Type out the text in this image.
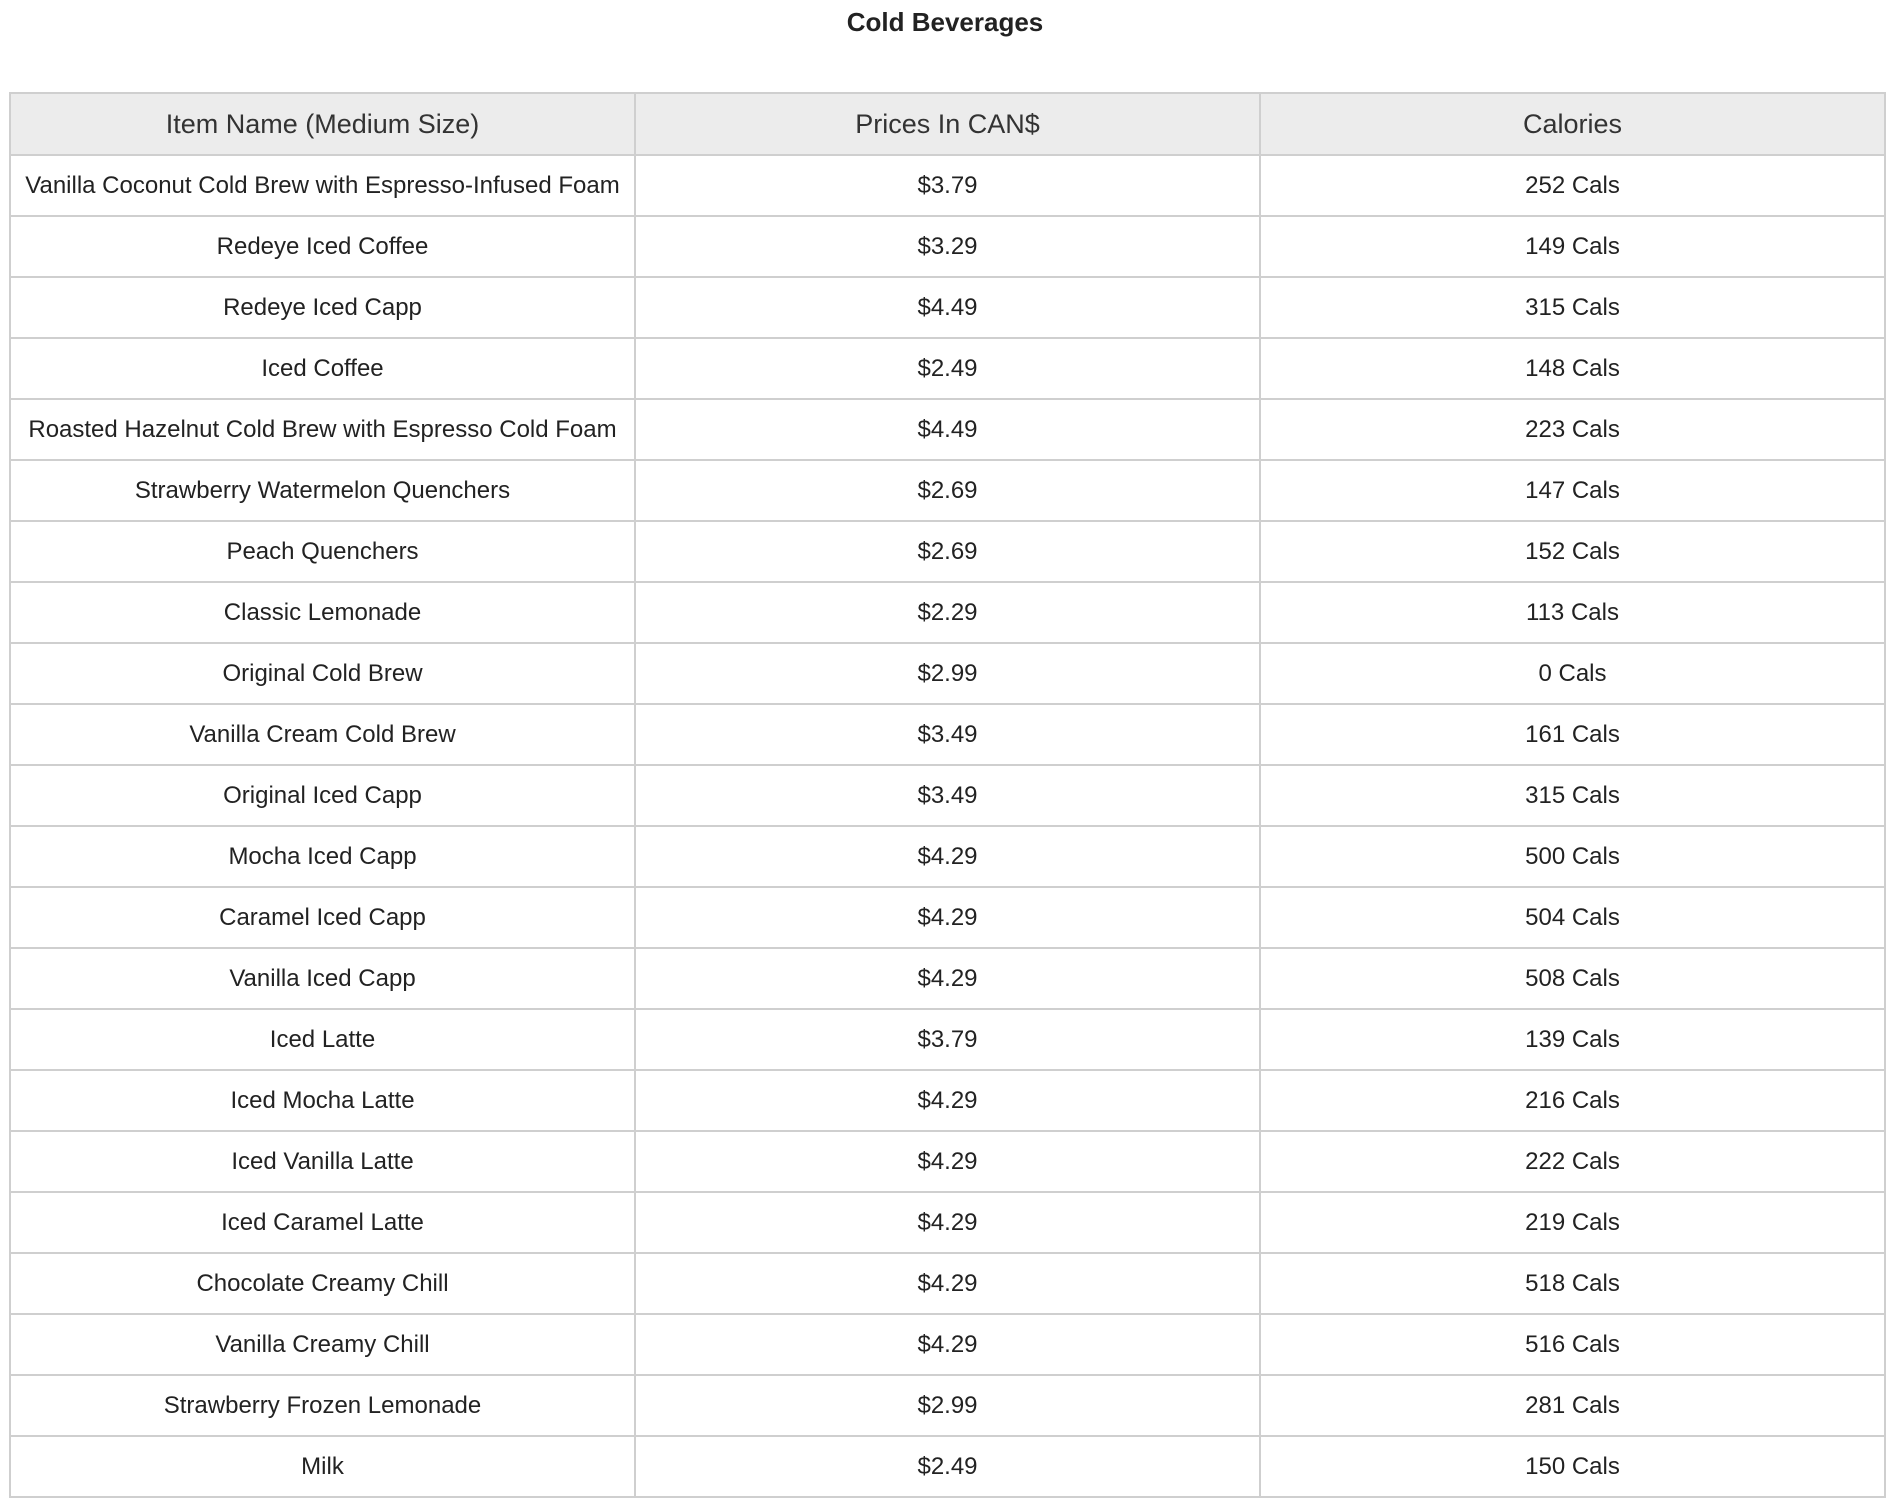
Cold Beverages
Item Name (Medium Size)	Prices In CAN$	Calories
Vanilla Coconut Cold Brew with Espresso-Infused Foam	$3.79	252 Cals
Redeye Iced Coffee	$3.29	149 Cals
Redeye Iced Capp	$4.49	315 Cals
Iced Coffee	$2.49	148 Cals
Roasted Hazelnut Cold Brew with Espresso Cold Foam	$4.49	223 Cals
Strawberry Watermelon Quenchers	$2.69	147 Cals
Peach Quenchers	$2.69	152 Cals
Classic Lemonade	$2.29	113 Cals
Original Cold Brew	$2.99	0 Cals
Vanilla Cream Cold Brew	$3.49	161 Cals
Original Iced Capp	$3.49	315 Cals
Mocha Iced Capp	$4.29	500 Cals
Caramel Iced Capp	$4.29	504 Cals
Vanilla Iced Capp	$4.29	508 Cals
Iced Latte	$3.79	139 Cals
Iced Mocha Latte	$4.29	216 Cals
Iced Vanilla Latte	$4.29	222 Cals
Iced Caramel Latte	$4.29	219 Cals
Chocolate Creamy Chill	$4.29	518 Cals
Vanilla Creamy Chill	$4.29	516 Cals
Strawberry Frozen Lemonade	$2.99	281 Cals
Milk	$2.49	150 Cals
